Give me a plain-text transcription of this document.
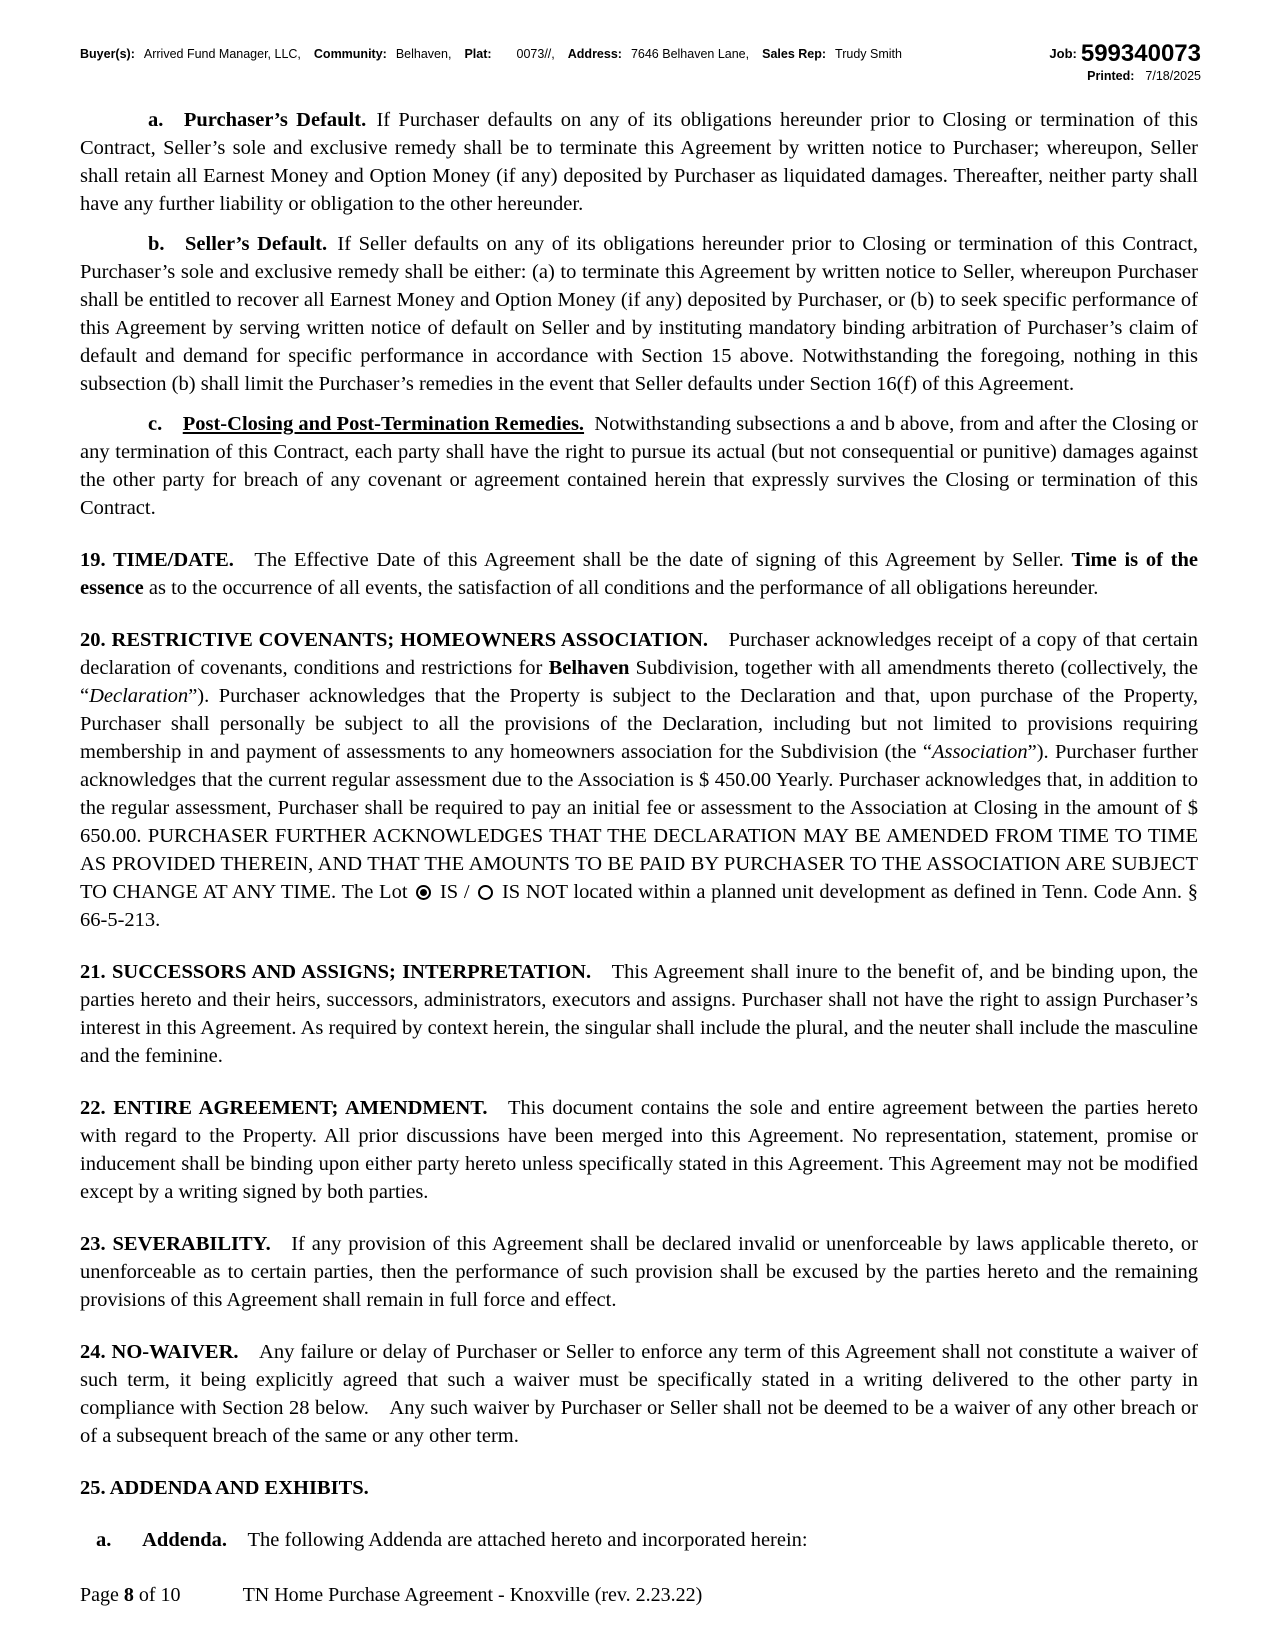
Buyer(s): Arrived Fund Manager, LLC, Community: Belhaven, Plat: 0073//, Address: 7646 Belhaven Lane, Sales Rep: Trudy Smith	Job: 599340073
Printed: 7/18/2025

a. Purchaser’s Default. If Purchaser defaults on any of its obligations hereunder prior to Closing or termination of this Contract, Seller’s sole and exclusive remedy shall be to terminate this Agreement by written notice to Purchaser; whereupon, Seller shall retain all Earnest Money and Option Money (if any) deposited by Purchaser as liquidated damages. Thereafter, neither party shall have any further liability or obligation to the other hereunder.

b. Seller’s Default. If Seller defaults on any of its obligations hereunder prior to Closing or termination of this Contract, Purchaser’s sole and exclusive remedy shall be either: (a) to terminate this Agreement by written notice to Seller, whereupon Purchaser shall be entitled to recover all Earnest Money and Option Money (if any) deposited by Purchaser, or (b) to seek specific performance of this Agreement by serving written notice of default on Seller and by instituting mandatory binding arbitration of Purchaser’s claim of default and demand for specific performance in accordance with Section 15 above. Notwithstanding the foregoing, nothing in this subsection (b) shall limit the Purchaser’s remedies in the event that Seller defaults under Section 16(f) of this Agreement.

c. Post-Closing and Post-Termination Remedies. Notwithstanding subsections a and b above, from and after the Closing or any termination of this Contract, each party shall have the right to pursue its actual (but not consequential or punitive) damages against the other party for breach of any covenant or agreement contained herein that expressly survives the Closing or termination of this Contract.

19. TIME/DATE. The Effective Date of this Agreement shall be the date of signing of this Agreement by Seller. Time is of the essence as to the occurrence of all events, the satisfaction of all conditions and the performance of all obligations hereunder.

20. RESTRICTIVE COVENANTS; HOMEOWNERS ASSOCIATION. Purchaser acknowledges receipt of a copy of that certain declaration of covenants, conditions and restrictions for Belhaven Subdivision, together with all amendments thereto (collectively, the “Declaration”). Purchaser acknowledges that the Property is subject to the Declaration and that, upon purchase of the Property, Purchaser shall personally be subject to all the provisions of the Declaration, including but not limited to provisions requiring membership in and payment of assessments to any homeowners association for the Subdivision (the “Association”). Purchaser further acknowledges that the current regular assessment due to the Association is $ 450.00 Yearly. Purchaser acknowledges that, in addition to the regular assessment, Purchaser shall be required to pay an initial fee or assessment to the Association at Closing in the amount of $ 650.00. PURCHASER FURTHER ACKNOWLEDGES THAT THE DECLARATION MAY BE AMENDED FROM TIME TO TIME AS PROVIDED THEREIN, AND THAT THE AMOUNTS TO BE PAID BY PURCHASER TO THE ASSOCIATION ARE SUBJECT TO CHANGE AT ANY TIME. The Lot  IS /  IS NOT located within a planned unit development as defined in Tenn. Code Ann. § 66-5-213.

21. SUCCESSORS AND ASSIGNS; INTERPRETATION. This Agreement shall inure to the benefit of, and be binding upon, the parties hereto and their heirs, successors, administrators, executors and assigns. Purchaser shall not have the right to assign Purchaser’s interest in this Agreement. As required by context herein, the singular shall include the plural, and the neuter shall include the masculine and the feminine.

22. ENTIRE AGREEMENT; AMENDMENT. This document contains the sole and entire agreement between the parties hereto with regard to the Property. All prior discussions have been merged into this Agreement. No representation, statement, promise or inducement shall be binding upon either party hereto unless specifically stated in this Agreement. This Agreement may not be modified except by a writing signed by both parties.

23. SEVERABILITY. If any provision of this Agreement shall be declared invalid or unenforceable by laws applicable thereto, or unenforceable as to certain parties, then the performance of such provision shall be excused by the parties hereto and the remaining provisions of this Agreement shall remain in full force and effect.

24. NO-WAIVER. Any failure or delay of Purchaser or Seller to enforce any term of this Agreement shall not constitute a waiver of such term, it being explicitly agreed that such a waiver must be specifically stated in a writing delivered to the other party in compliance with Section 28 below. Any such waiver by Purchaser or Seller shall not be deemed to be a waiver of any other breach or of a subsequent breach of the same or any other term.

25. ADDENDA AND EXHIBITS.

a.  Addenda. The following Addenda are attached hereto and incorporated herein:

Page 8 of 10	TN Home Purchase Agreement - Knoxville (rev. 2.23.22)
